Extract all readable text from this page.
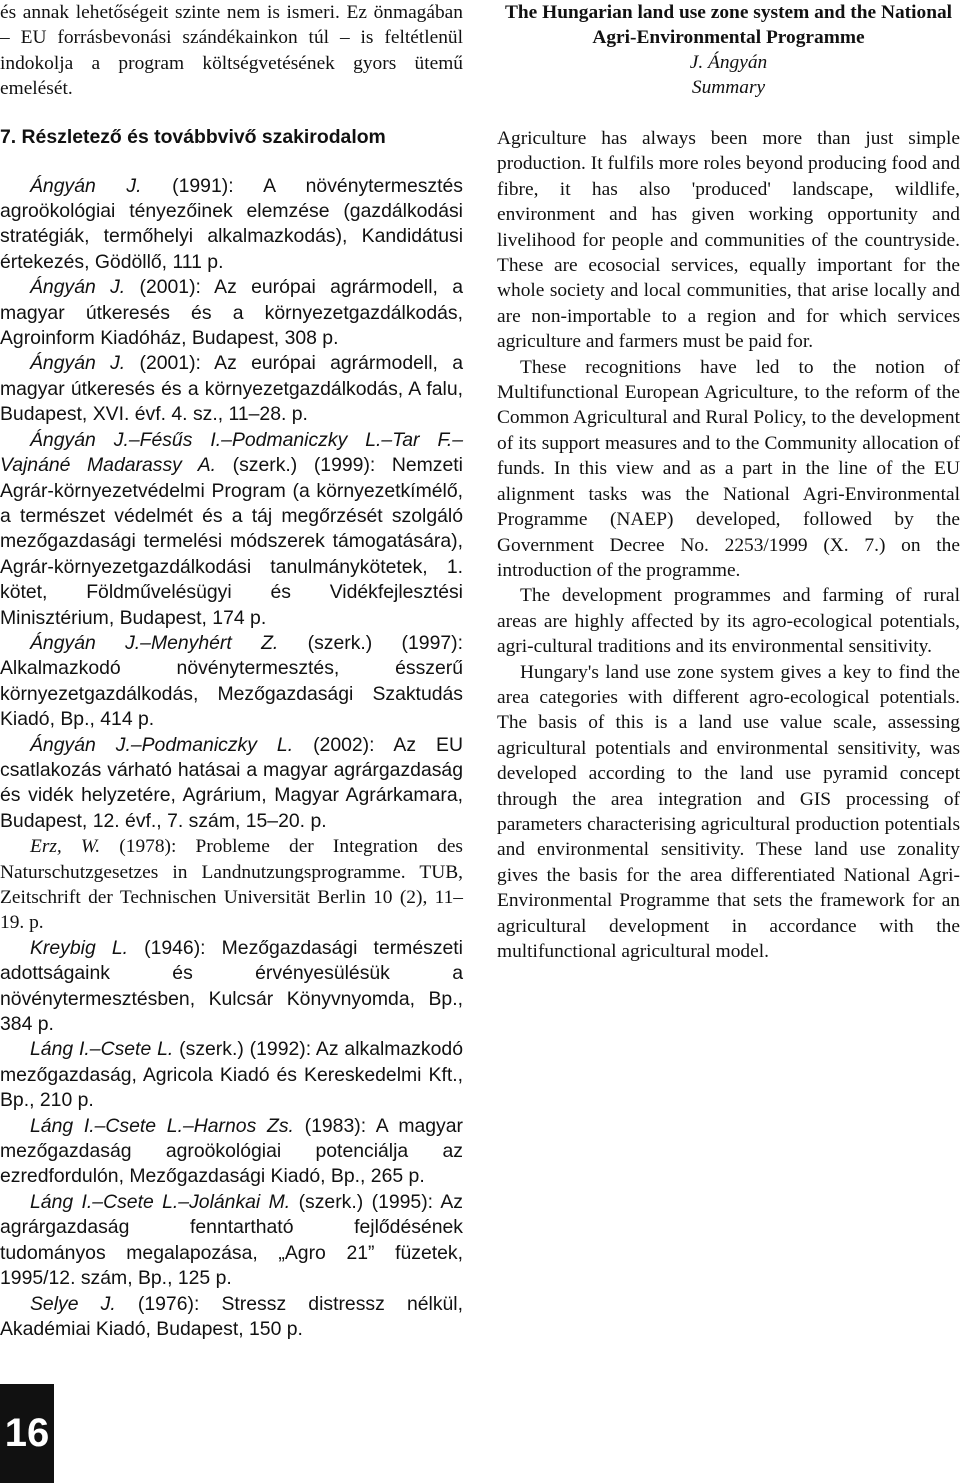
és annak lehetőségeit szinte nem is ismeri. Ez önmagában – EU forrásbevonási szándékainkon túl – is feltétlenül indokolja a program költségvetésének gyors ütemű emelését.

7. Részletező és továbbvivő szakirodalom

Ángyán J. (1991): A növénytermesztés agroökológiai tényezőinek elemzése (gazdálkodási stratégiák, termőhelyi alkalmazkodás), Kandidátusi értekezés, Gödöllő, 111 p.

Ángyán J. (2001): Az európai agrármodell, a magyar útkeresés és a környezetgazdálkodás, Agroinform Kiadóház, Budapest, 308 p.

Ángyán J. (2001): Az európai agrármodell, a magyar útkeresés és a környezetgazdálkodás, A falu, Budapest, XVI. évf. 4. sz., 11–28. p.

Ángyán J.–Fésűs I.–Podmaniczky L.–Tar F.–Vajnáné Madarassy A. (szerk.) (1999): Nemzeti Agrár-környezetvédelmi Program (a környezetkímélő, a természet védelmét és a táj megőrzését szolgáló mezőgazdasági termelési módszerek támogatására), Agrár-környezetgazdálkodási tanulmánykötetek, 1. kötet, Földművelésügyi és Vidékfejlesztési Minisztérium, Budapest, 174 p.

Ángyán J.–Menyhért Z. (szerk.) (1997): Alkalmazkodó növénytermesztés, ésszerű környezetgazdálkodás, Mezőgazdasági Szaktudás Kiadó, Bp., 414 p.

Ángyán J.–Podmaniczky L. (2002): Az EU csatlakozás várható hatásai a magyar agrárgazdaság és vidék helyzetére, Agrárium, Magyar Agrárkamara, Budapest, 12. évf., 7. szám, 15–20. p.

Erz, W. (1978): Probleme der Integration des Naturschutzgesetzes in Landnutzungsprogramme. TUB, Zeitschrift der Technischen Universität Berlin 10 (2), 11–19. p.

Kreybig L. (1946): Mezőgazdasági természeti adottságaink és érvényesülésük a növénytermesztésben, Kulcsár Könyvnyomda, Bp., 384 p.

Láng I.–Csete L. (szerk.) (1992): Az alkalmazkodó mezőgazdaság, Agricola Kiadó és Kereskedelmi Kft., Bp., 210 p.

Láng I.–Csete L.–Harnos Zs. (1983): A magyar mezőgazdaság agroökológiai potenciálja az ezredfordulón, Mezőgazdasági Kiadó, Bp., 265 p.

Láng I.–Csete L.–Jolánkai M. (szerk.) (1995): Az agrárgazdaság fenntartható fejlődésének tudományos megalapozása, „Agro 21” füzetek, 1995/12. szám, Bp., 125 p.

Selye J. (1976): Stressz distressz nélkül, Akadémiai Kiadó, Budapest, 150 p.

The Hungarian land use zone system and the National Agri-Environmental Programme
J. Ángyán
Summary

Agriculture has always been more than just simple production. It fulfils more roles beyond producing food and fibre, it has also 'produced' landscape, wildlife, environment and has given working opportunity and livelihood for people and communities of the countryside. These are ecosocial services, equally important for the whole society and local communities, that arise locally and are non-importable to a region and for which services agriculture and farmers must be paid for.

These recognitions have led to the notion of Multifunctional European Agriculture, to the reform of the Common Agricultural and Rural Policy, to the development of its support measures and to the Community allocation of funds. In this view and as a part in the line of the EU alignment tasks was the National Agri-Environmental Programme (NAEP) developed, followed by the Government Decree No. 2253/1999 (X. 7.) on the introduction of the programme.

The development programmes and farming of rural areas are highly affected by its agro-ecological potentials, agri-cultural traditions and its environmental sensitivity.

Hungary's land use zone system gives a key to find the area categories with different agro-ecological potentials. The basis of this is a land use value scale, assessing agricultural potentials and environmental sensitivity, was developed according to the land use pyramid concept through the area integration and GIS processing of parameters characterising agricultural production potentials and environmental sensitivity. These land use zonality gives the basis for the area differentiated National Agri-Environmental Programme that sets the framework for an agricultural development in accordance with the multifunctional agricultural model.

16
